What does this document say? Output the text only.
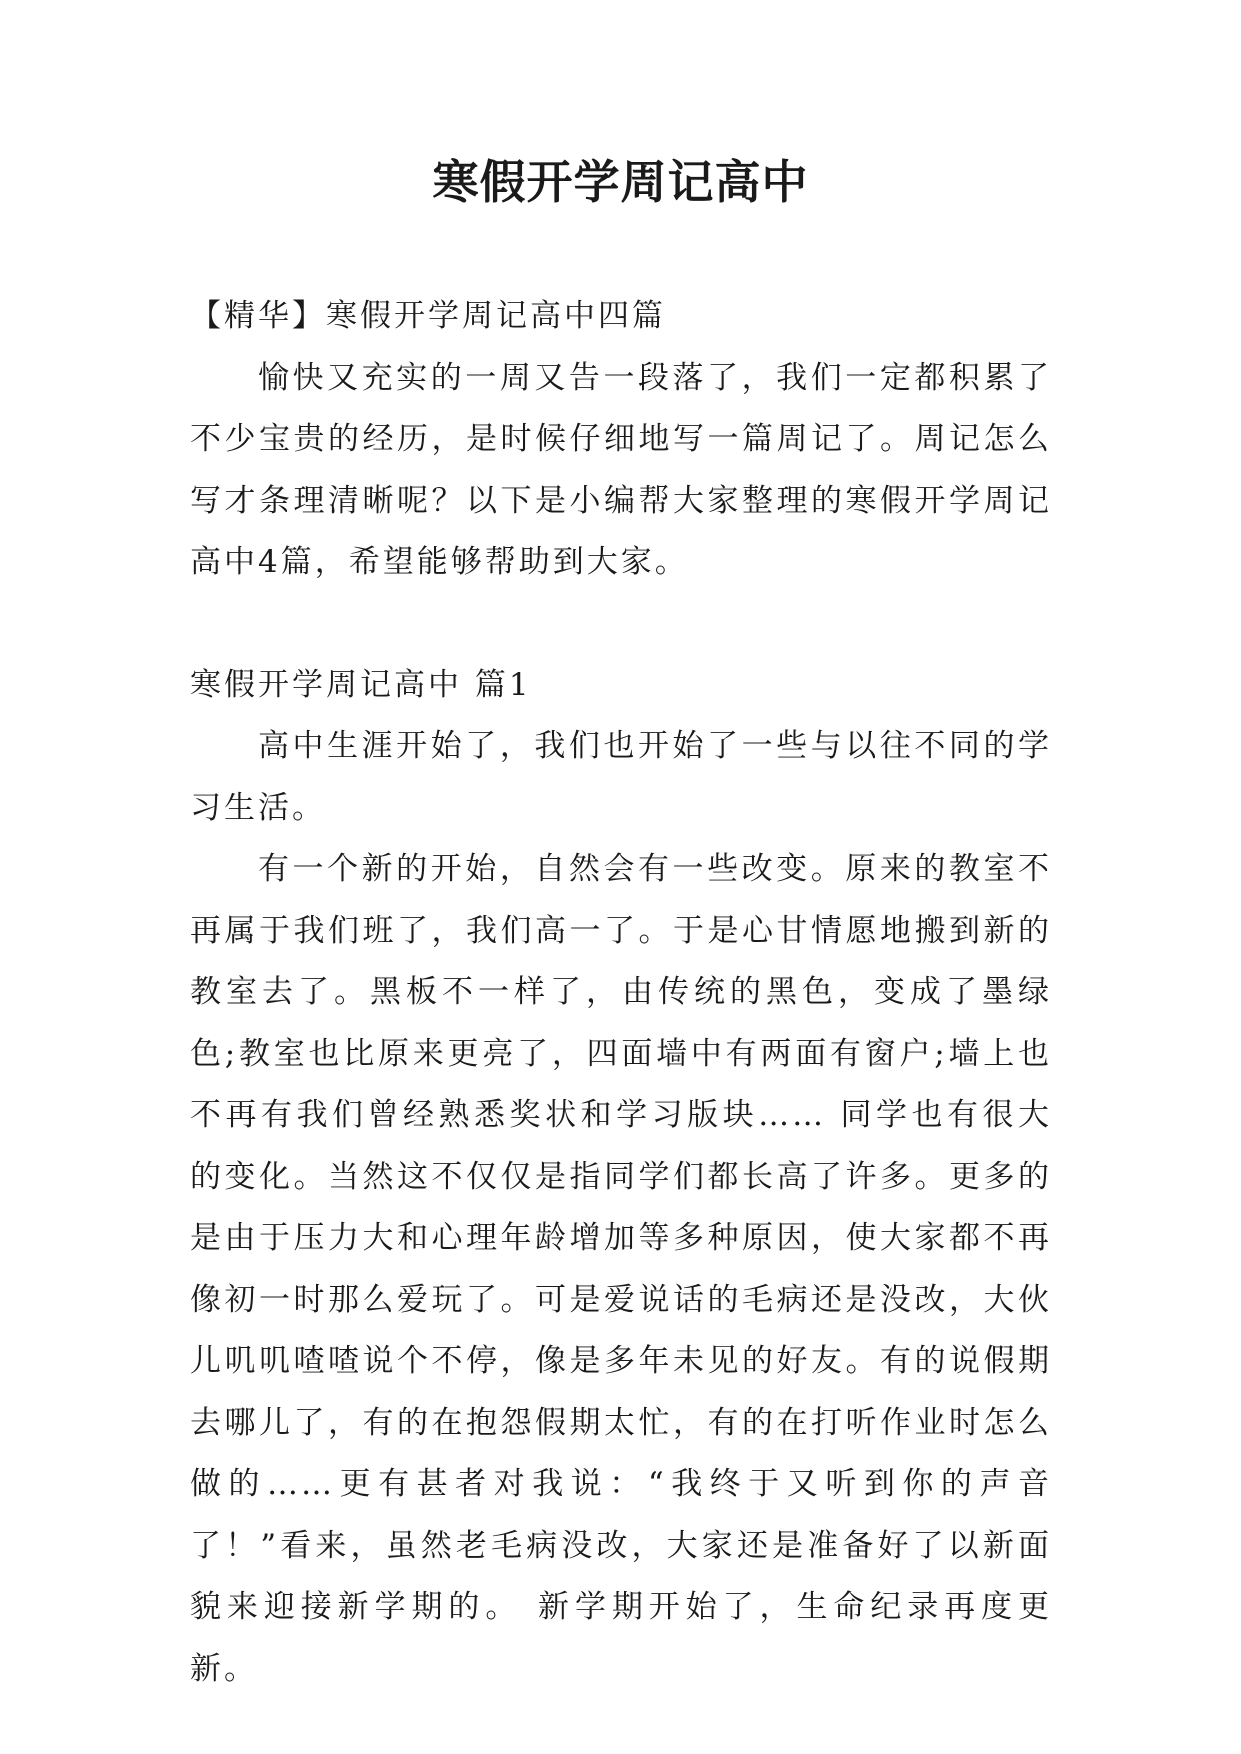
寒假开学周记高中

【精华】寒假开学周记高中四篇

愉快又充实的一周又告一段落了，我们一定都积累了不少宝贵的经历，是时候仔细地写一篇周记了。周记怎么写才条理清晰呢？以下是小编帮大家整理的寒假开学周记高中4篇，希望能够帮助到大家。

寒假开学周记高中 篇1

高中生涯开始了，我们也开始了一些与以往不同的学习生活。

有一个新的开始，自然会有一些改变。原来的教室不再属于我们班了，我们高一了。于是心甘情愿地搬到新的教室去了。黑板不一样了，由传统的黑色，变成了墨绿色;教室也比原来更亮了，四面墙中有两面有窗户;墙上也不再有我们曾经熟悉奖状和学习版块…… 同学也有很大的变化。当然这不仅仅是指同学们都长高了许多。更多的是由于压力大和心理年龄增加等多种原因，使大家都不再像初一时那么爱玩了。可是爱说话的毛病还是没改，大伙儿叽叽喳喳说个不停，像是多年未见的好友。有的说假期去哪儿了，有的在抱怨假期太忙，有的在打听作业时怎么做的……更有甚者对我说：“我终于又听到你的声音了！”看来，虽然老毛病没改，大家还是准备好了以新面貌来迎接新学期的。 新学期开始了，生命纪录再度更新。
